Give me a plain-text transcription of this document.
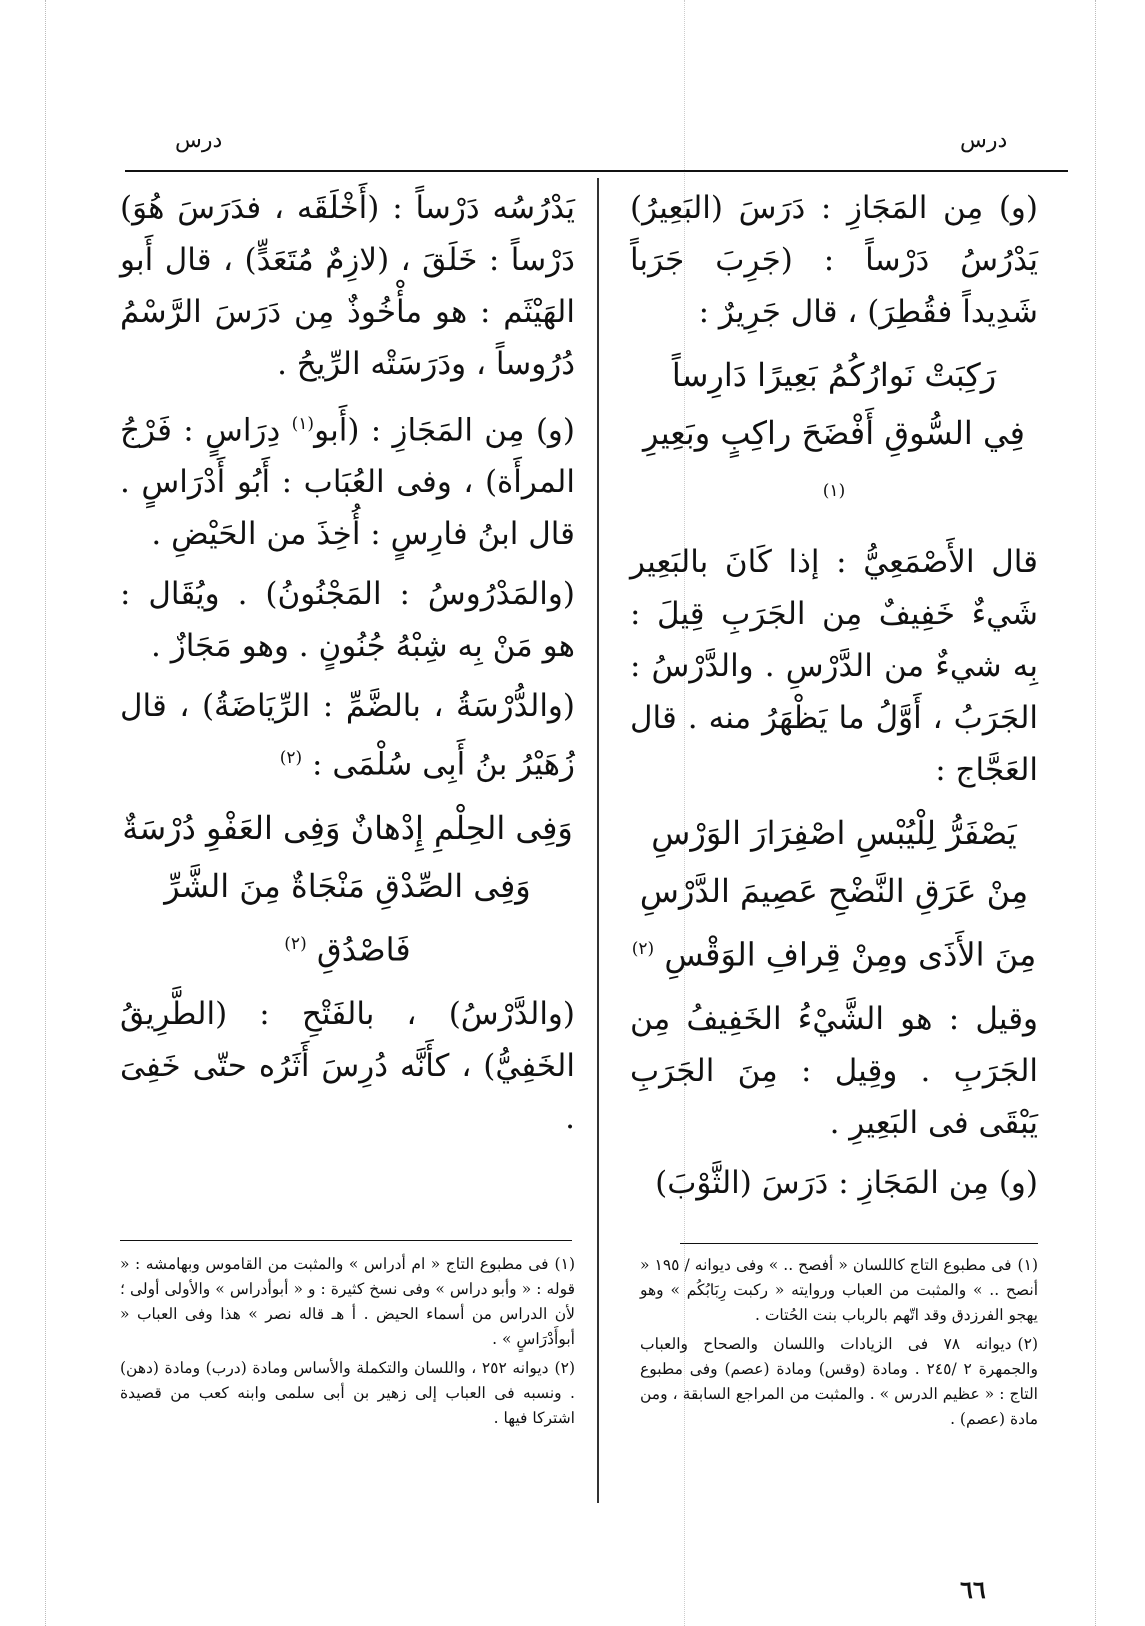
درس
درس

(و) مِن المَجَازِ : دَرَسَ (البَعِيرُ) يَدْرُسُ دَرْساً : (جَرِبَ جَرَباً شَدِيداً فقُطِرَ) ، قال جَرِيرٌ :

رَكِبَتْ نَوارُكُمُ بَعِيرًا دَارِساً

فِي السُّوقِ أَفْضَحَ راكِبٍ وبَعِيرِ $^{(١)}$

قال الأَصْمَعِيُّ : إذا كَانَ بالبَعِير شَيءٌ خَفِيفٌ مِن الجَرَبِ قِيلَ : بِه شيءٌ من الدَّرْسِ . والدَّرْسُ : الجَرَبُ ، أَوَّلُ ما يَظْهَرُ منه . قال العَجَّاج :

يَصْفَرُّ لِلْيُبْسِ اصْفِرَارَ الوَرْسِ

مِنْ عَرَقِ النَّضْحِ عَصِيمَ الدَّرْسِ

مِنَ الأَذَى ومِنْ قِرافِ الوَقْسِ $^{(٢)}$

وقيل : هو الشَّيْءُ الخَفِيفُ مِن الجَرَبِ . وقِيل : مِنَ الجَرَبِ يَبْقَى فى البَعِيرِ .

(و) مِن المَجَازِ : دَرَسَ (الثَّوْبَ)

يَدْرُسُه دَرْساً : (أَخْلَقَه ، فدَرَسَ هُوَ) دَرْساً : خَلَقَ ، (لازِمٌ مُتَعَدٍّ) ، قال أَبو الهَيْثَم : هو مأْخُوذٌ مِن دَرَسَ الرَّسْمُ دُرُوساً ، ودَرَسَتْه الرِّيحُ .

(و) مِن المَجَازِ : (أَبو$^{(١)}$ دِرَاسٍ : فَرْجُ المرأَة) ، وفى العُبَاب : أَبُو أَدْرَاسٍ . قال ابنُ فارِسٍ : أُخِذَ من الحَيْضِ .

(والمَدْرُوسُ : المَجْنُونُ) . ويُقَال : هو مَنْ بِه شِبْهُ جُنُونٍ . وهو مَجَازٌ .

(والدُّرْسَةُ ، بالضَّمِّ : الرِّيَاضَةُ) ، قال زُهَيْرُ بنُ أَبِى سُلْمَى : $^{(٢)}$

وَفِى الحِلْمِ إِدْهانٌ وَفِى العَفْوِ دُرْسَةٌ

وَفِى الصِّدْقِ مَنْجَاةٌ مِنَ الشَّرِّ فَاصْدُقِ $^{(٢)}$

(والدَّرْسُ) ، بالفَتْحِ : (الطَّرِيقُ الخَفِيُّ) ، كأَنَّه دُرِسَ أَثَرُه حتّى خَفِىَ .

(١)فى مطبوع التاج كاللسان « أفصح .. » وفى ديوانه / ١٩٥ « أنصح .. » والمثبت من العباب وروايته « ركبت رِبَابُكُم » وهو يهجو الفرزدق وقد اتّهم بالرباب بنت الحُتات .

(٢)ديوانه ٧٨ فى الزيادات واللسان والصحاح والعباب والجمهرة ٢ /٢٤٥ . ومادة (وقس) ومادة (عصم) وفى مطبوع التاج : « عظيم الدرس » . والمثبت من المراجع السابقة ، ومن مادة (عصم) .

(١)فى مطبوع التاج « ام أدراس » والمثبت من القاموس وبهامشه : « قوله : « وأبو دراس » وفى نسخ كثيرة : و « أبوأدراس » والأولى أولى ؛ لأن الدراس من أسماء الحيض . أ هـ قاله نصر » هذا وفى العباب « أبوأَدْرَاسٍ » .

(٢)ديوانه ٢٥٢ ، واللسان والتكملة والأساس ومادة (درب) ومادة (دهن) . ونسبه فى العباب إلى زهير بن أبى سلمى وابنه كعب من قصيدة اشتركا فيها .

٦٦
